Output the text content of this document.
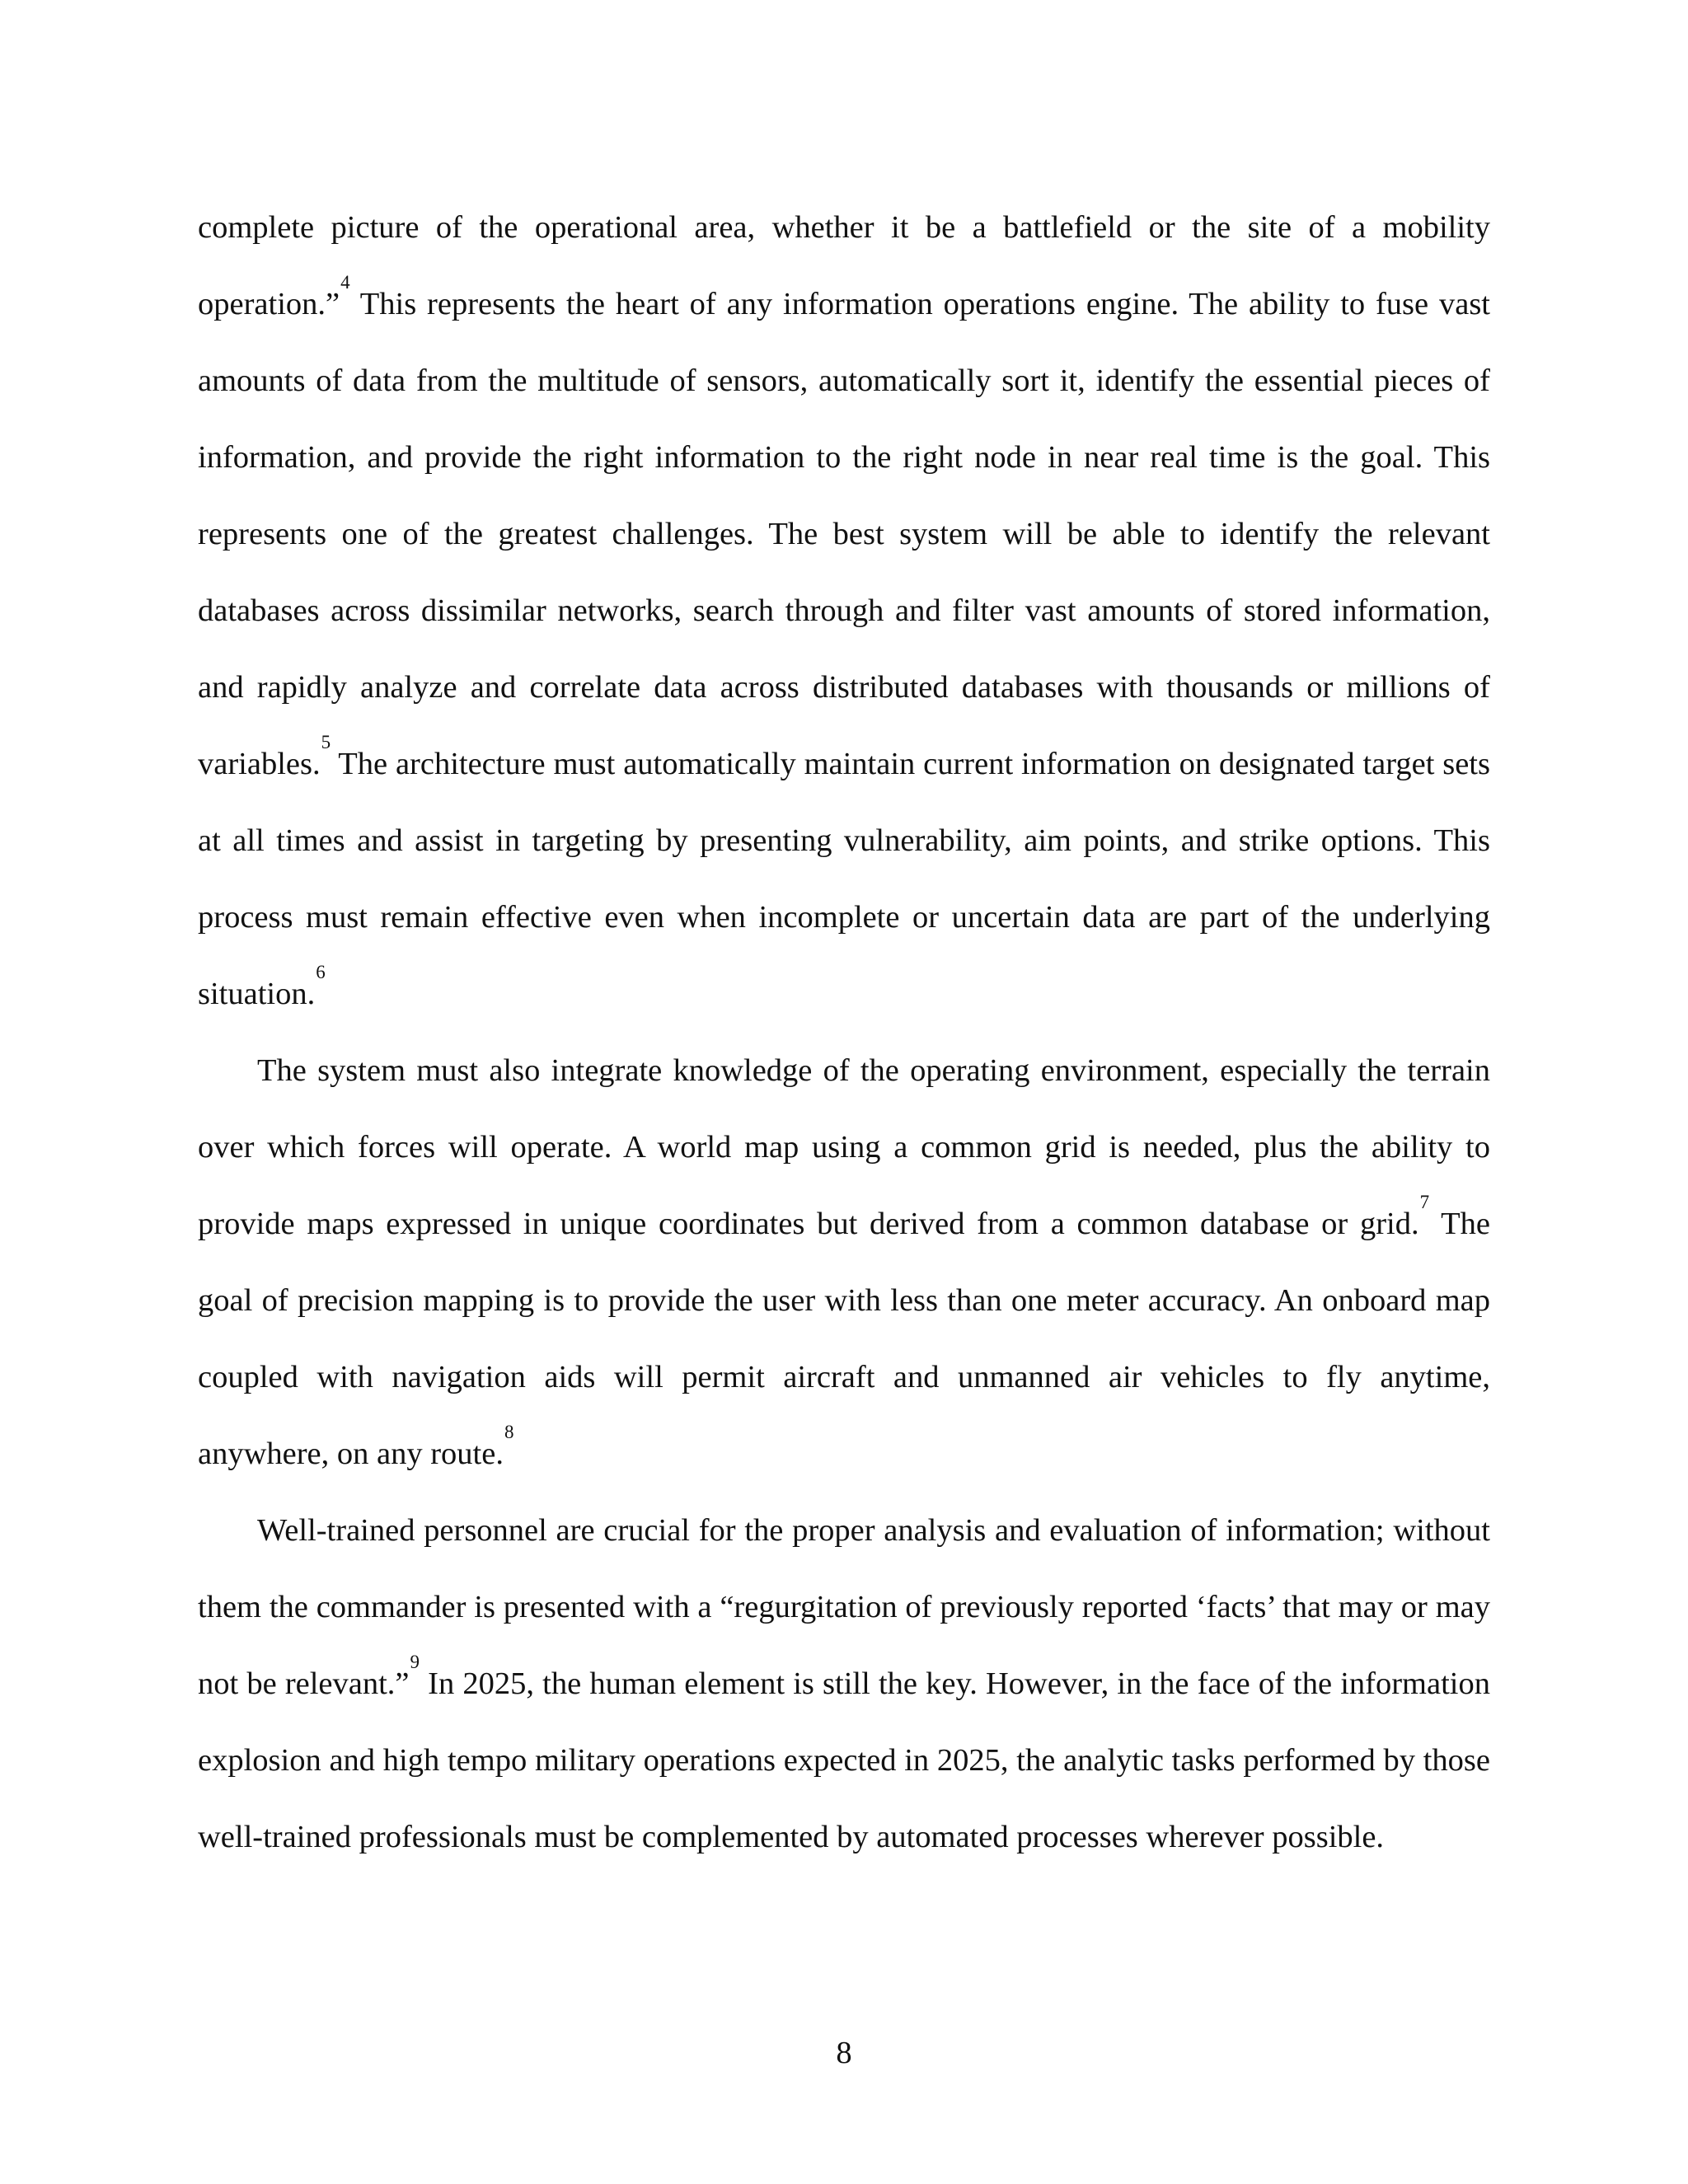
complete picture of the operational area, whether it be a battlefield or the site of a mobility operation.”$^4$ This represents the heart of any information operations engine. The ability to fuse vast amounts of data from the multitude of sensors, automatically sort it, identify the essential pieces of information, and provide the right information to the right node in near real time is the goal. This represents one of the greatest challenges. The best system will be able to identify the relevant databases across dissimilar networks, search through and filter vast amounts of stored information, and rapidly analyze and correlate data across distributed databases with thousands or millions of variables.$^5$ The architecture must automatically maintain current information on designated target sets at all times and assist in targeting by presenting vulnerability, aim points, and strike options. This process must remain effective even when incomplete or uncertain data are part of the underlying situation.$^6$

The system must also integrate knowledge of the operating environment, especially the terrain over which forces will operate. A world map using a common grid is needed, plus the ability to provide maps expressed in unique coordinates but derived from a common database or grid.$^7$ The goal of precision mapping is to provide the user with less than one meter accuracy. An onboard map coupled with navigation aids will permit aircraft and unmanned air vehicles to fly anytime, anywhere, on any route.$^8$

Well-trained personnel are crucial for the proper analysis and evaluation of information; without them the commander is presented with a “regurgitation of previously reported ‘facts’ that may or may not be relevant.”$^9$ In 2025, the human element is still the key. However, in the face of the information explosion and high tempo military operations expected in 2025, the analytic tasks performed by those well-trained professionals must be complemented by automated processes wherever possible.

8
